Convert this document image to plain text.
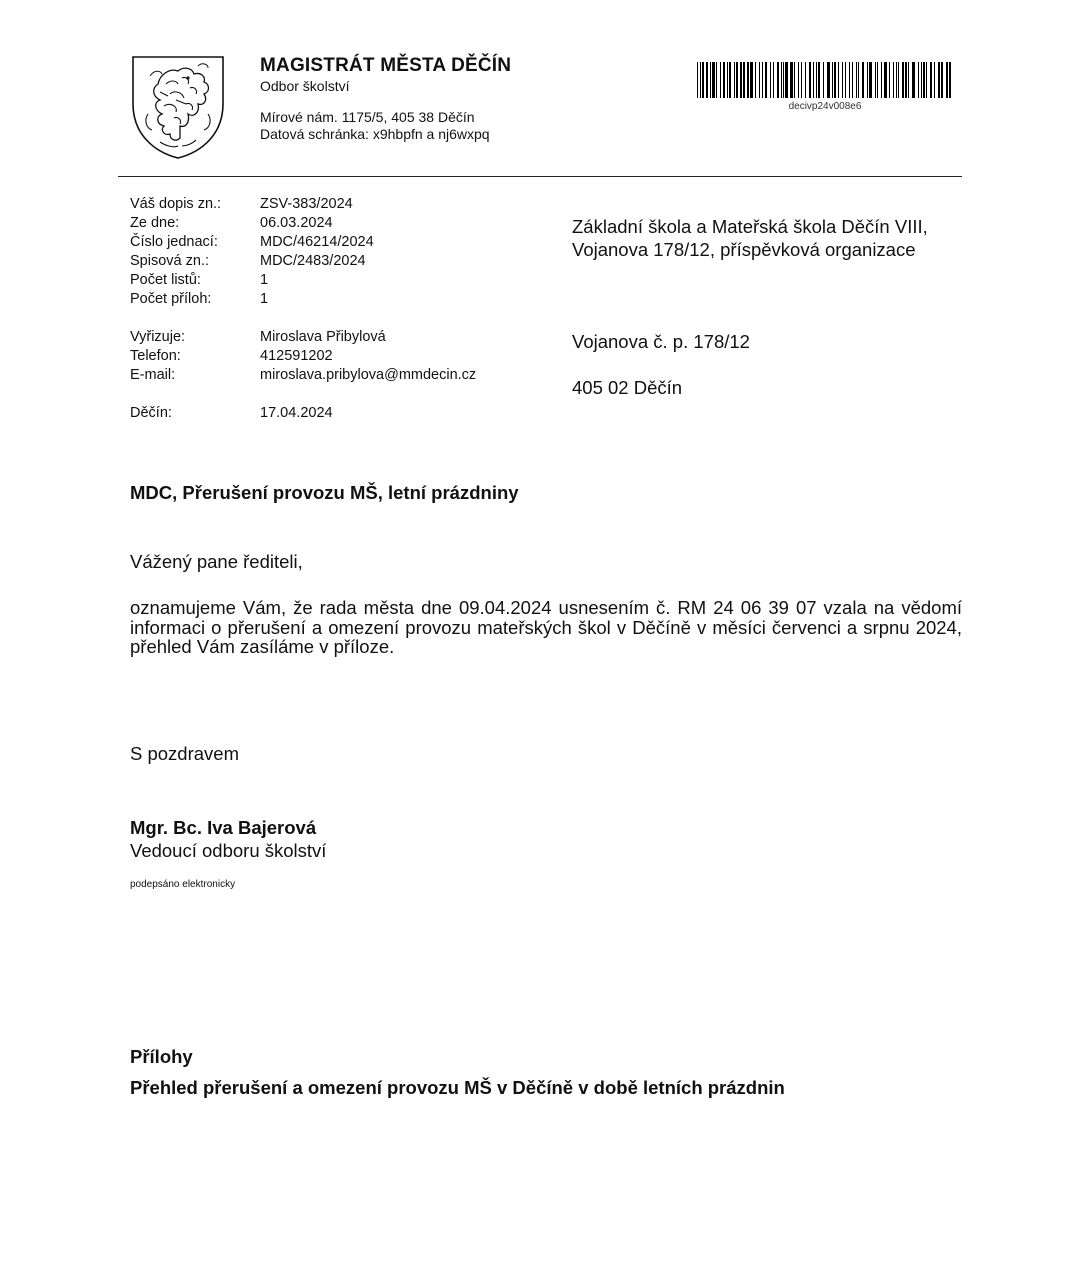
MAGISTRÁT MĚSTA DĚČÍN
Odbor školství
Mírové nám. 1175/5, 405 38 Děčín
Datová schránka: x9hbpfn a nj6wxpq
decivp24v008e6
Váš dopis zn.:	ZSV-383/2024
Ze dne:	06.03.2024
Číslo jednací:	MDC/46214/2024
Spisová zn.:	MDC/2483/2024
Počet listů:	1
Počet příloh:	1
Vyřizuje:	Miroslava Přibylová
Telefon:	412591202
E-mail:	miroslava.pribylova@mmdecin.cz
Děčín:	17.04.2024
Základní škola a Mateřská škola Děčín VIII,
Vojanova 178/12, příspěvková organizace
Vojanova č. p. 178/12
405 02 Děčín
MDC, Přerušení provozu MŠ, letní prázdniny
Vážený pane řediteli,
oznamujeme Vám, že rada města dne 09.04.2024 usnesením č. RM 24 06 39 07 vzala na vědomí informaci o přerušení a omezení provozu mateřských škol v Děčíně v měsíci červenci a srpnu 2024, přehled Vám zasíláme v příloze.
S pozdravem
Mgr. Bc. Iva Bajerová
Vedoucí odboru školství
podepsáno elektronicky
Přílohy
Přehled přerušení a omezení provozu MŠ v Děčíně v době letních prázdnin
